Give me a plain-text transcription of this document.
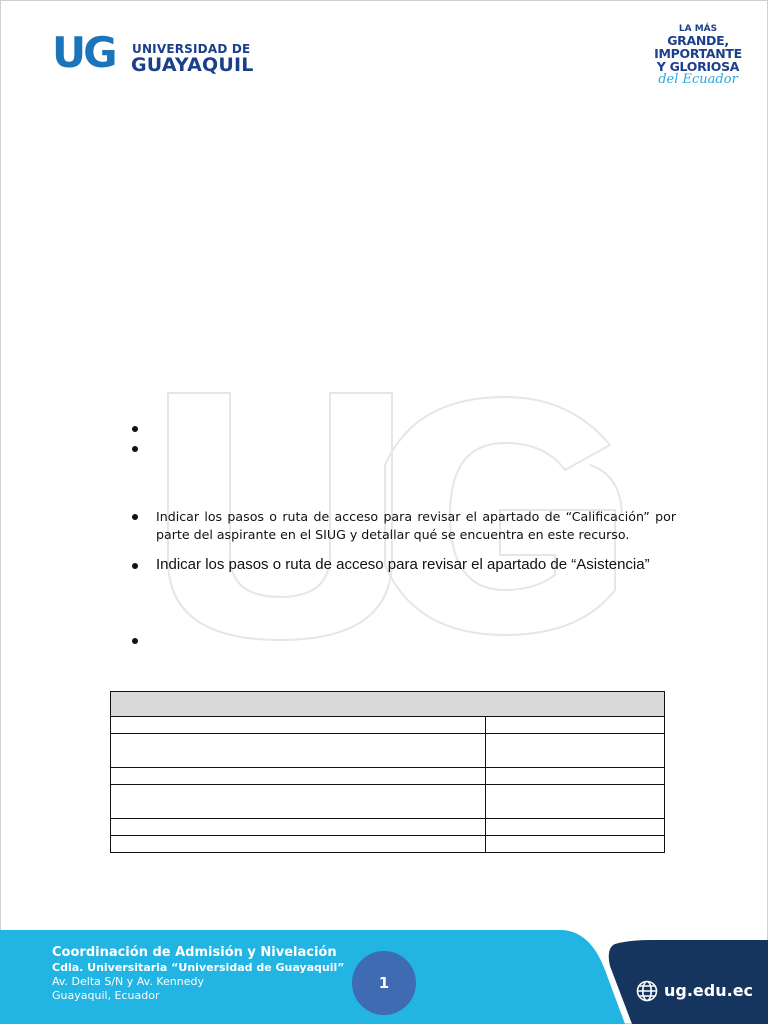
UG UNIVERSIDAD DE
GUAYAQUIL
LA MÁS
GRANDE,
IMPORTANTE
Y GLORIOSA
del Ecuador
Indicar los pasos o ruta de acceso para revisar el apartado de “Calificación” por parte del aspirante en el SIUG y detallar qué se encuentra en este recurso.
Indicar los pasos o ruta de acceso para revisar el apartado de “Asistencia”

Coordinación de Admisión y Nivelación
Cdla. Universitaria “Universidad de Guayaquil”
Av. Delta S/N y Av. Kennedy
Guayaquil, Ecuador
1	ug.edu.ec
